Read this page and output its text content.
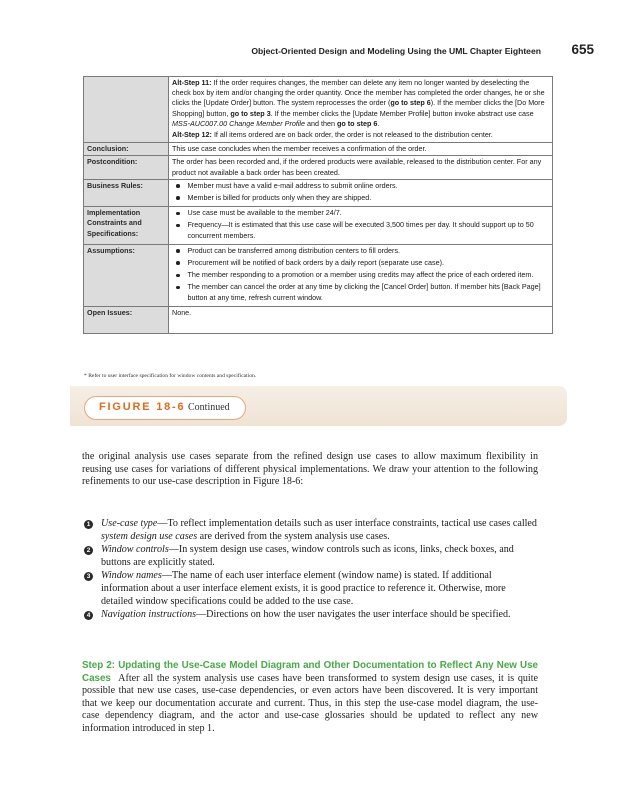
Object-Oriented Design and Modeling Using the UML Chapter Eighteen 655

	Alt-Step 11: If the order requires changes, the member can delete any item no longer wanted by deselecting the check box by item and/or changing the order quantity. Once the member has completed the order changes, he or she clicks the [Update Order] button. The system reprocesses the order (go to step 6). If the member clicks the [Do More Shopping] button, go to step 3. If the member clicks the [Update Member Profile] button invoke abstract use case MSS-AUC007.00 Change Member Profile and then go to step 6.

Alt-Step 12: If all items ordered are on back order, the order is not released to the distribution center.

Conclusion:	This use case concludes when the member receives a confirmation of the order.
Postcondition:	The order has been recorded and, if the ordered products were available, released to the distribution center. For any product not available a back order has been created.
Business Rules:	Member must have a valid e-mail address to submit online orders.
Member is billed for products only when they are shipped.

Implementation Constraints and Specifications:	Use case must be available to the member 24/7.
Frequency—It is estimated that this use case will be executed 3,500 times per day. It should support up to 50 concurrent members.

Assumptions:	Product can be transferred among distribution centers to fill orders.
Procurement will be notified of back orders by a daily report (separate use case).
The member responding to a promotion or a member using credits may affect the price of each ordered item.
The member can cancel the order at any time by clicking the [Cancel Order] button. If member hits [Back Page] button at any time, refresh current window.

Open Issues:	None.
* Refer to user interface specification for window contents and specification.
FIGURE 18-6 Continued
the original analysis use cases separate from the refined design use cases to allow maximum flexibility in reusing use cases for variations of different physical implementations. We draw your attention to the following refinements to our use-case description in Figure 18-6:
1 Use-case type—To reflect implementation details such as user interface constraints, tactical use cases called system design use cases are derived from the system analysis use cases.
2 Window controls—In system design use cases, window controls such as icons, links, check boxes, and buttons are explicitly stated.
3 Window names—The name of each user interface element (window name) is stated. If additional information about a user interface element exists, it is good practice to reference it. Otherwise, more detailed window specifications could be added to the use case.
4 Navigation instructions—Directions on how the user navigates the user interface should be specified.
Step 2: Updating the Use-Case Model Diagram and Other Documentation to Reflect Any New Use Cases After all the system analysis use cases have been transformed to system design use cases, it is quite possible that new use cases, use-case dependencies, or even actors have been discovered. It is very important that we keep our documentation accurate and current. Thus, in this step the use-case model diagram, the use-case dependency diagram, and the actor and use-case glossaries should be updated to reflect any new information introduced in step 1.
